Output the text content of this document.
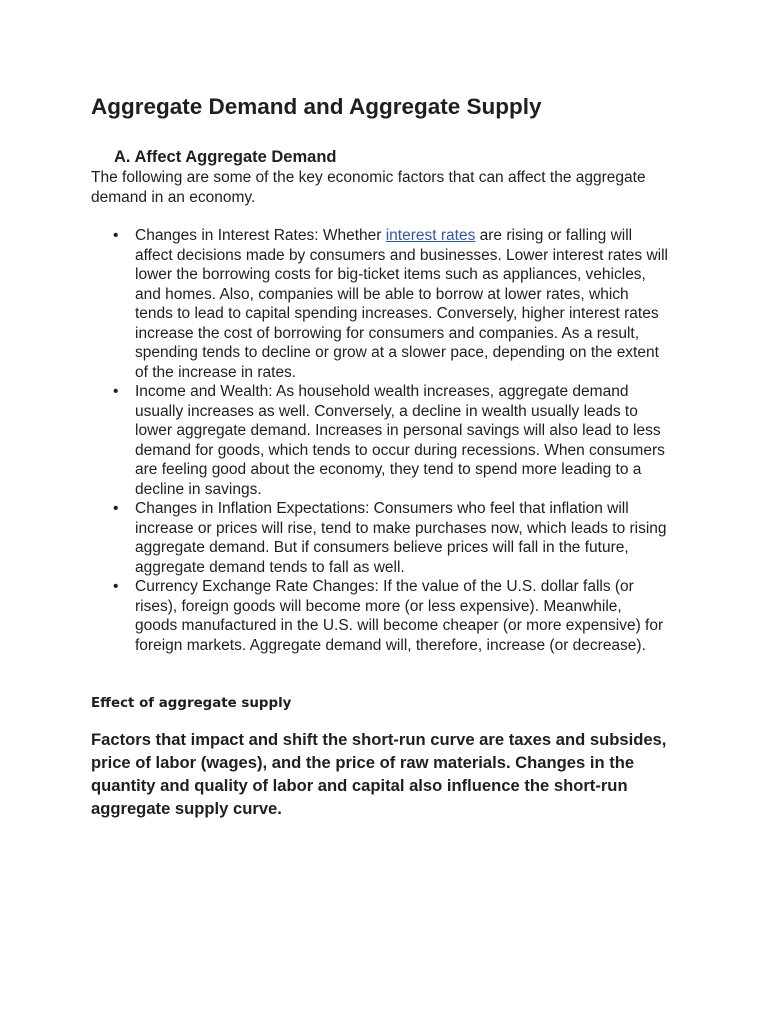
Aggregate Demand and Aggregate Supply
A. Affect Aggregate Demand

The following are some of the key economic factors that can affect the aggregate demand in an economy.

• Changes in Interest Rates: Whether interest rates are rising or falling will affect decisions made by consumers and businesses. Lower interest rates will lower the borrowing costs for big-ticket items such as appliances, vehicles, and homes. Also, companies will be able to borrow at lower rates, which tends to lead to capital spending increases. Conversely, higher interest rates increase the cost of borrowing for consumers and companies. As a result, spending tends to decline or grow at a slower pace, depending on the extent of the increase in rates.
• Income and Wealth: As household wealth increases, aggregate demand usually increases as well. Conversely, a decline in wealth usually leads to lower aggregate demand. Increases in personal savings will also lead to less demand for goods, which tends to occur during recessions. When consumers are feeling good about the economy, they tend to spend more leading to a decline in savings.
• Changes in Inflation Expectations: Consumers who feel that inflation will increase or prices will rise, tend to make purchases now, which leads to rising aggregate demand. But if consumers believe prices will fall in the future, aggregate demand tends to fall as well.
• Currency Exchange Rate Changes: If the value of the U.S. dollar falls (or rises), foreign goods will become more (or less expensive). Meanwhile, goods manufactured in the U.S. will become cheaper (or more expensive) for foreign markets. Aggregate demand will, therefore, increase (or decrease).
Effect of aggregate supply

Factors that impact and shift the short-run curve are taxes and subsides, price of labor (wages), and the price of raw materials. Changes in the quantity and quality of labor and capital also influence the short-run aggregate supply curve.
